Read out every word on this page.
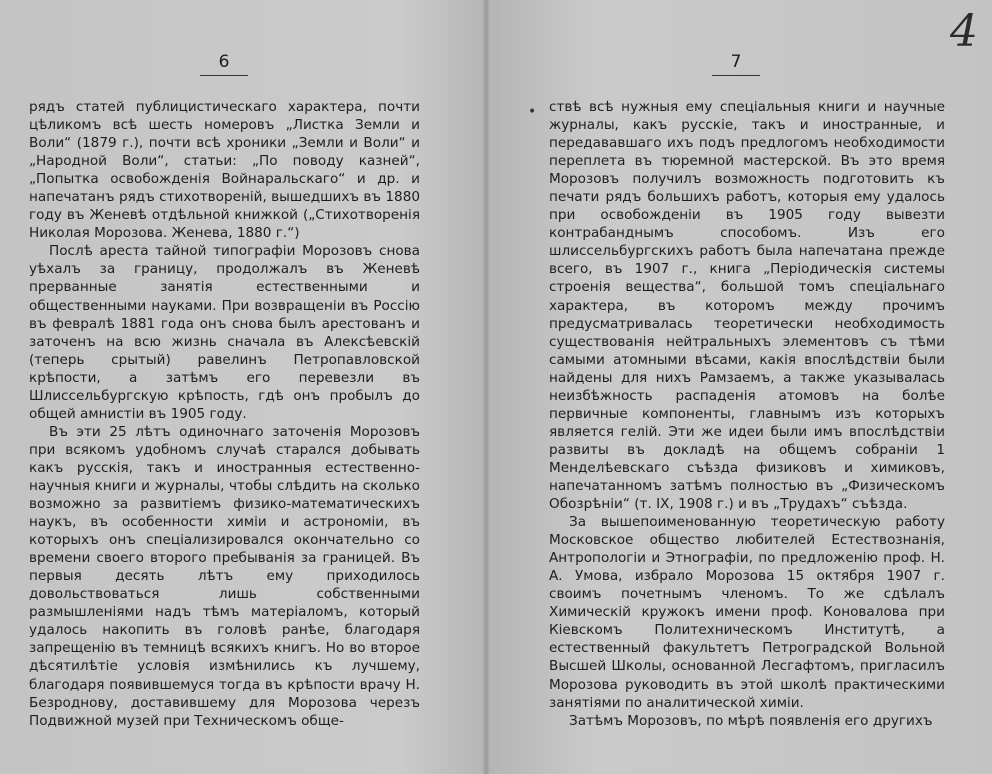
6

рядъ статей публицистическаго характера, почти цѣликомъ всѣ шесть номеровъ „Листка Земли и Воли“ (1879 г.), почти всѣ хроники „Земли и Воли“ и „Народной Воли“, статьи: „По поводу казней“, „Попытка освобожденія Войнаральскаго“ и др. и напечатанъ рядъ стихотвореній, вышедшихъ въ 1880 году въ Женевѣ отдѣльной книжкой („Стихотворенія Николая Морозова. Женева, 1880 г.“)

Послѣ ареста тайной типографіи Морозовъ снова уѣхалъ за границу, продолжалъ въ Женевѣ прерванные занятія естественными и общественными науками. При возвращеніи въ Россію въ февралѣ 1881 года онъ снова былъ арестованъ и заточенъ на всю жизнь сначала въ Алексѣевскій (теперь срытый) равелинъ Петропавловской крѣпости, а затѣмъ его перевезли въ Шлиссельбургскую крѣпость, гдѣ онъ пробылъ до общей амнистіи въ 1905 году.

Въ эти 25 лѣтъ одиночнаго заточенія Морозовъ при всякомъ удобномъ случаѣ старался добывать какъ русскія, такъ и иностранныя естественно-научныя книги и журналы, чтобы слѣдить на сколько возможно за развитіемъ физико-математическихъ наукъ, въ особенности химіи и астрономіи, въ которыхъ онъ спеціализировался окончательно со времени своего второго пребыванія за границей. Въ первыя десять лѣтъ ему приходилось довольствоваться лишь собственными размышленіями надъ тѣмъ матеріаломъ, который удалось накопить въ головѣ ранѣе, благодаря запрещенію въ темницѣ всякихъ книгъ. Но во второе дѣсятилѣтіе условія измѣнились къ лучшему, благодаря появившемуся тогда въ крѣпости врачу Н. Безроднову, доставившему для Морозова черезъ Подвижной музей при Техническомъ обще-

4
•
7

ствѣ всѣ нужныя ему спеціальныя книги и научные журналы, какъ русскіе, такъ и иностранные, и передававшаго ихъ подъ предлогомъ необходимости переплета въ тюремной мастерской. Въ это время Морозовъ получилъ возможность подготовить къ печати рядъ большихъ работъ, которыя ему удалось при освобожденіи въ 1905 году вывезти контрабанднымъ способомъ. Изъ его шлиссельбургскихъ работъ была напечатана прежде всего, въ 1907 г., книга „Періодическія системы строенія вещества“, большой томъ спеціальнаго характера, въ которомъ между прочимъ предусматривалась теоретически необходимость существованія нейтральныхъ элементовъ съ тѣми самыми атомными вѣсами, какія впослѣдствіи были найдены для нихъ Рамзаемъ, а также указывалась неизбѣжность распаденія атомовъ на болѣе первичные компоненты, главнымъ изъ которыхъ является гелій. Эти же идеи были имъ впослѣдствіи развиты въ докладѣ на общемъ собраніи 1 Менделѣевскаго съѣзда физиковъ и химиковъ, напечатанномъ затѣмъ полностью въ „Физическомъ Обозрѣніи“ (т. IX, 1908 г.) и въ „Трудахъ“ съѣзда.

За вышепоименованную теоретическую работу Московское общество любителей Естествознанія, Антропологіи и Этнографіи, по предложенію проф. Н. А. Умова, избрало Морозова 15 октября 1907 г. своимъ почетнымъ членомъ. То же сдѣлалъ Химическій кружокъ имени проф. Коновалова при Кіевскомъ Политехническомъ Институтѣ, а естественный факультетъ Петроградской Вольной Высшей Школы, основанной Лесгафтомъ, пригласилъ Морозова руководить въ этой школѣ практическими занятіями по аналитической химіи.

Затѣмъ Морозовъ, по мѣрѣ появленія его другихъ
